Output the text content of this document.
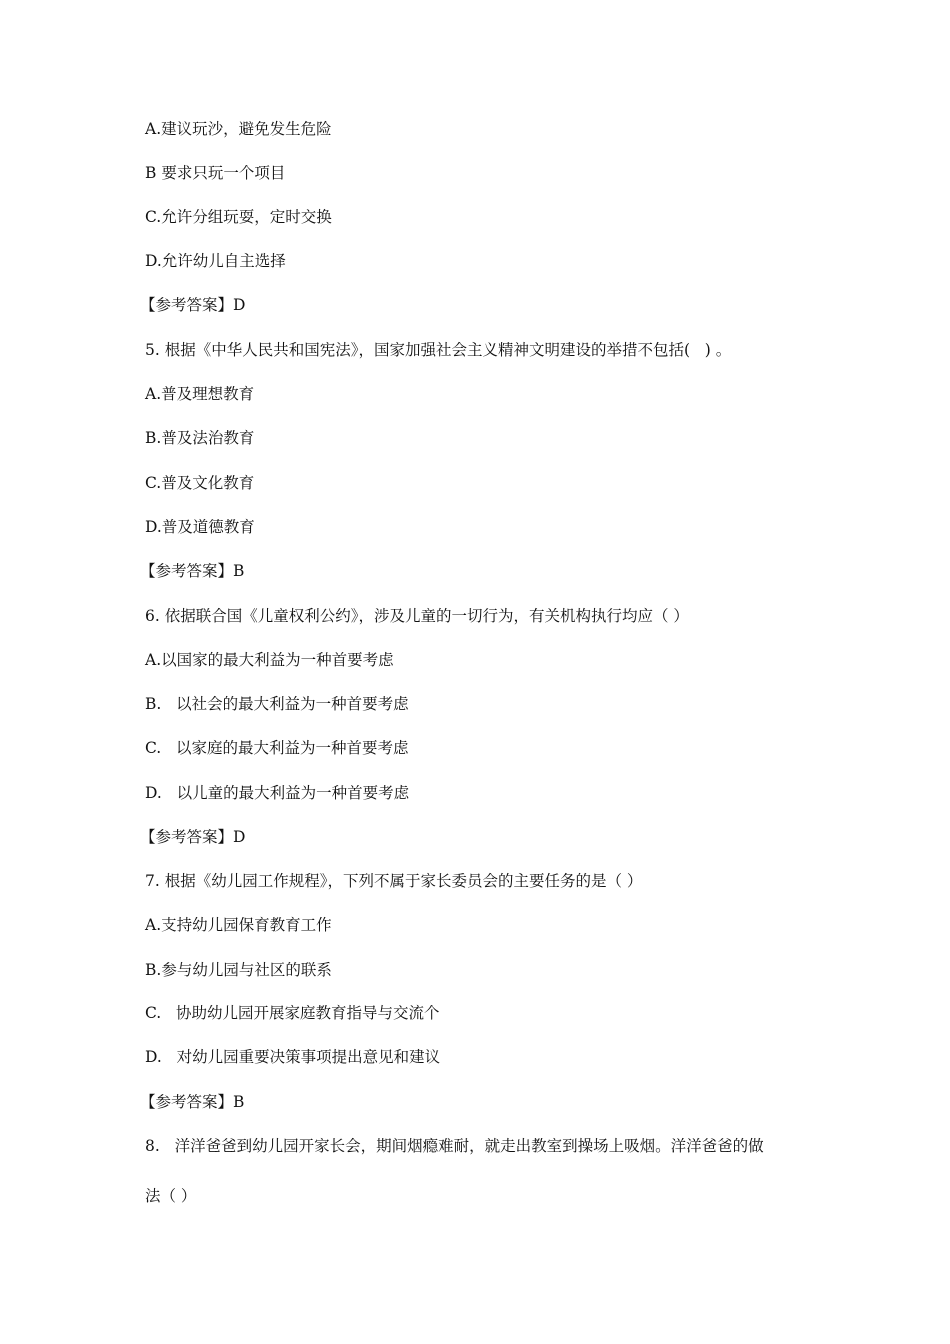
A.建议玩沙，避免发生危险

B 要求只玩一个项目

C.允许分组玩耍，定时交换

D.允许幼儿自主选择

【参考答案】D

5. 根据《中华人民共和国宪法》，国家加强社会主义精神文明建设的举措不包括(   ) 。

A.普及理想教育

B.普及法治教育

C.普及文化教育

D.普及道德教育

【参考答案】B

6. 依据联合国《儿童权利公约》，涉及儿童的一切行为，有关机构执行均应（ ）

A.以国家的最大利益为一种首要考虑

B.   以社会的最大利益为一种首要考虑

C.   以家庭的最大利益为一种首要考虑

D.   以儿童的最大利益为一种首要考虑

【参考答案】D

7. 根据《幼儿园工作规程》，下列不属于家长委员会的主要任务的是（ ）

A.支持幼儿园保育教育工作

B.参与幼儿园与社区的联系

C.   协助幼儿园开展家庭教育指导与交流个

D.   对幼儿园重要决策事项提出意见和建议

【参考答案】B

8.   洋洋爸爸到幼儿园开家长会，期间烟瘾难耐，就走出教室到操场上吸烟。洋洋爸爸的做

法（ ）
